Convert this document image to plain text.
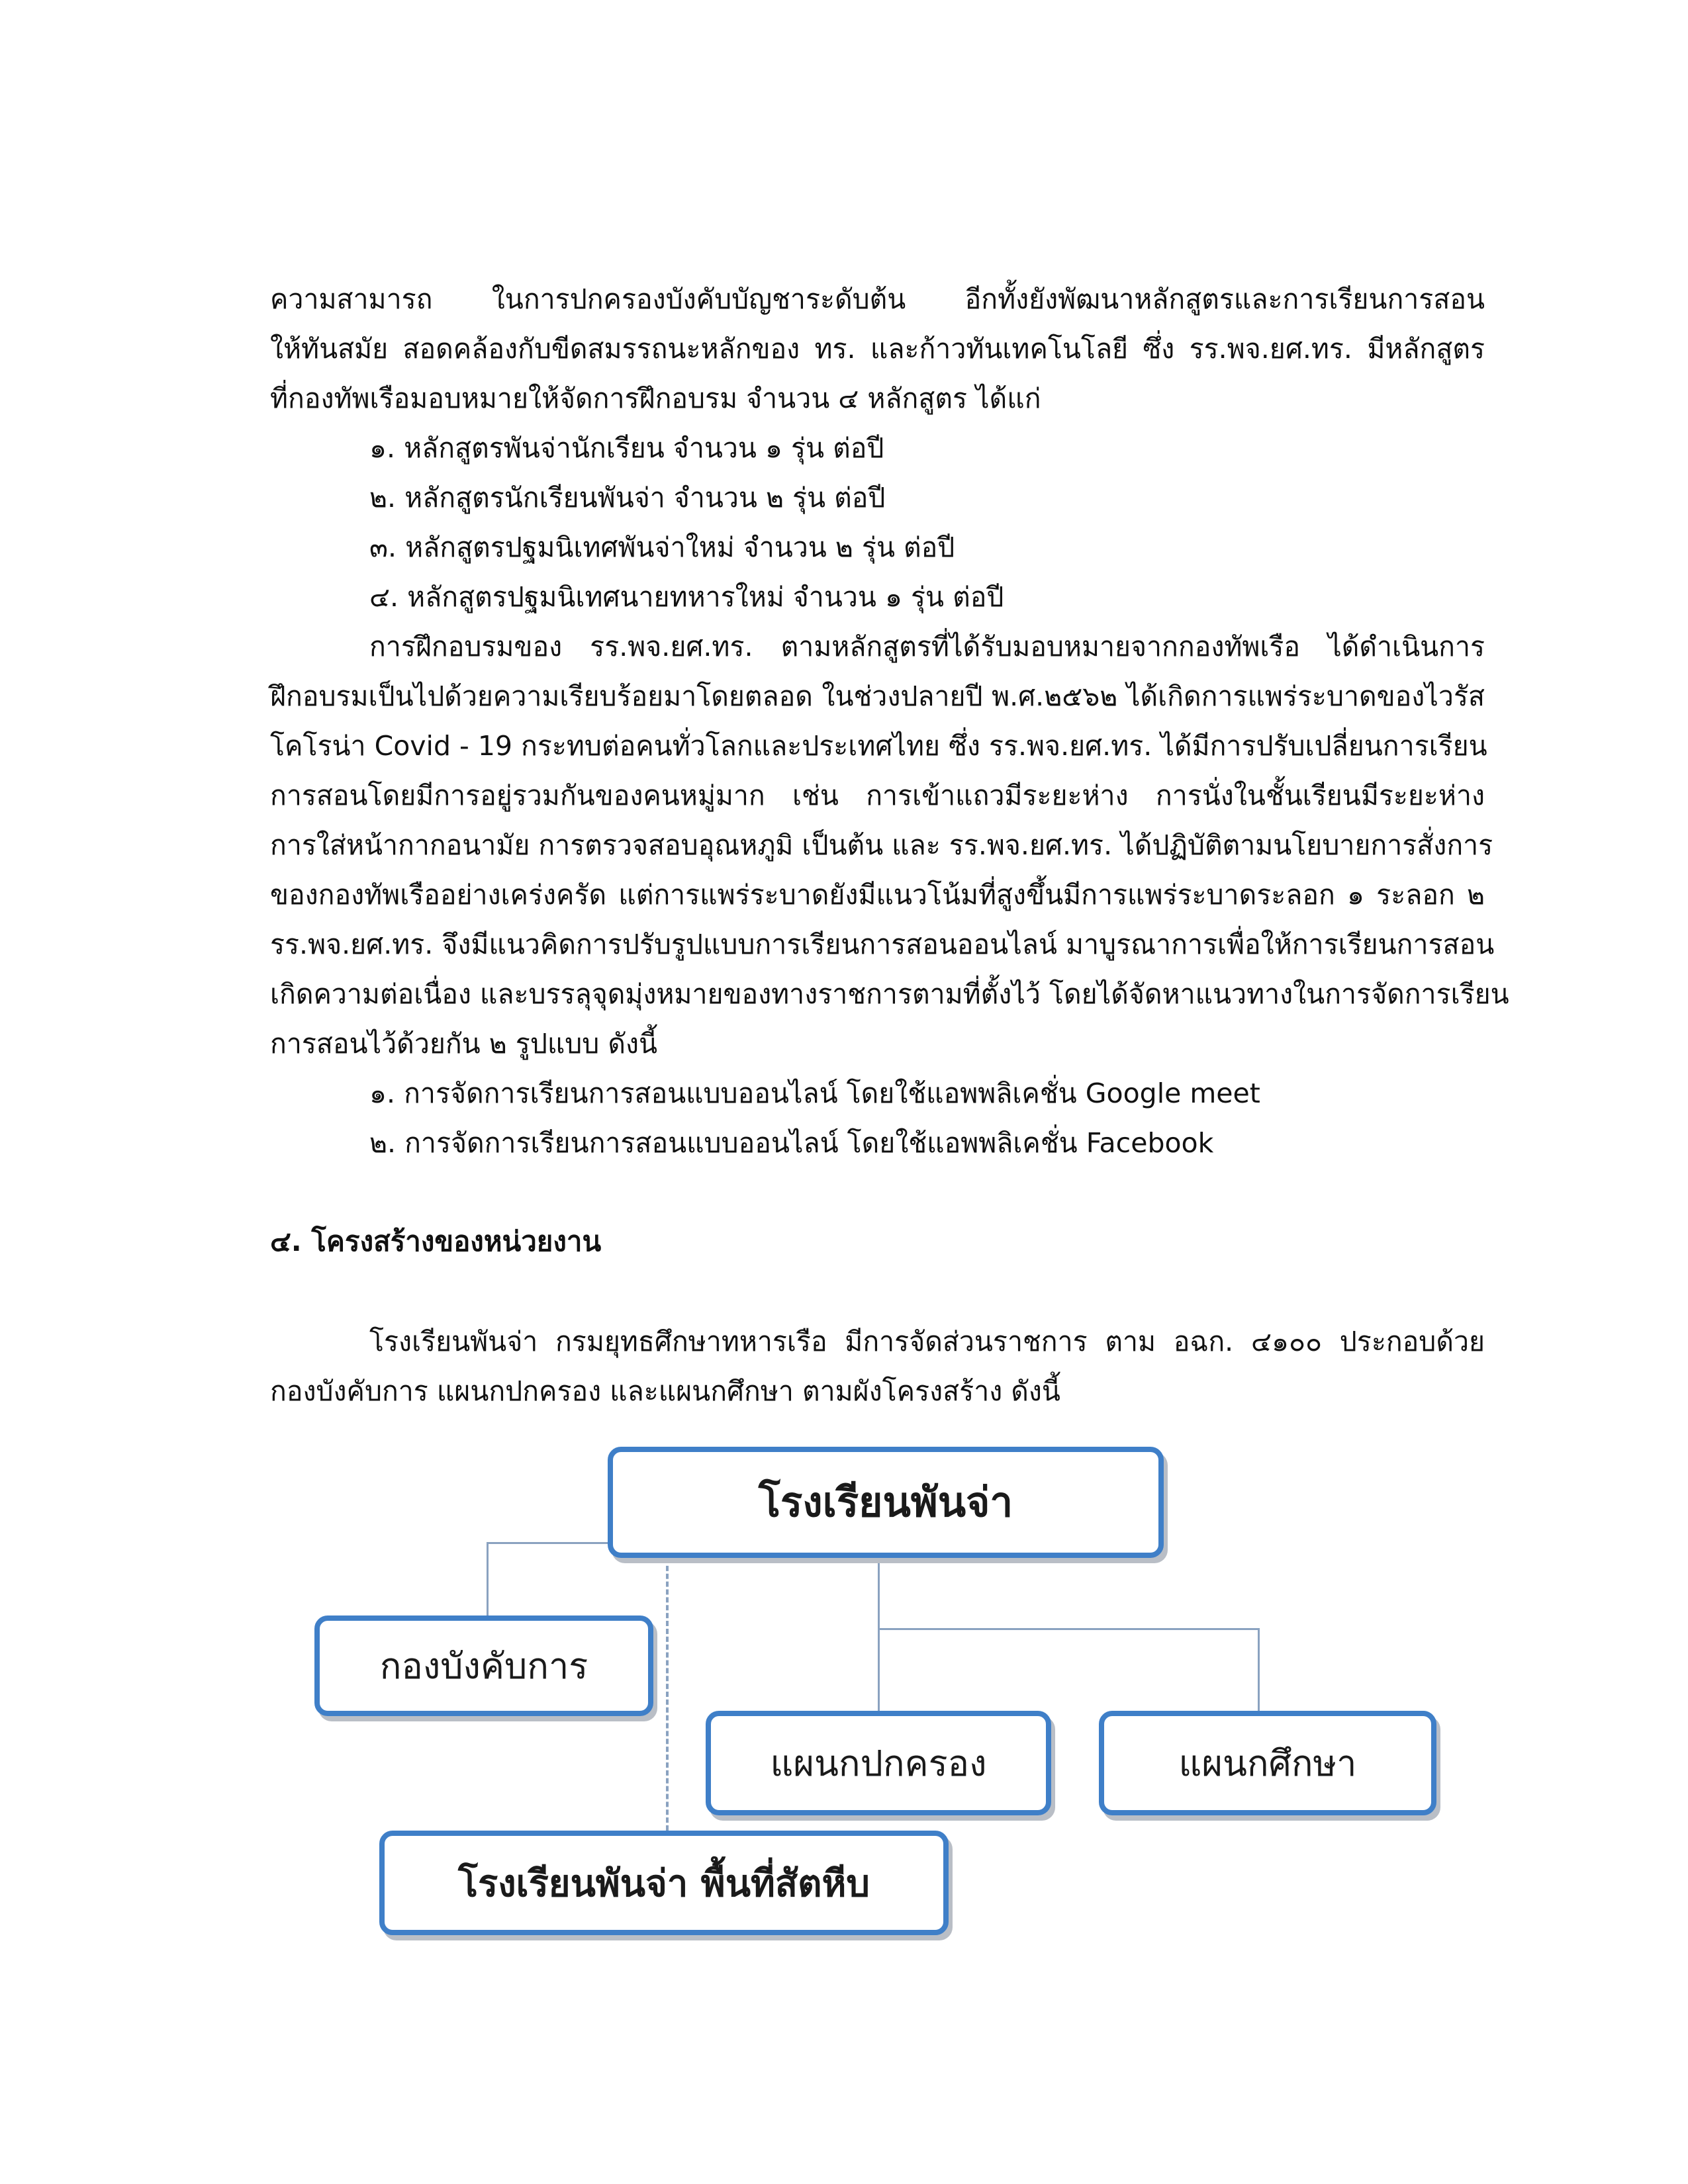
ความสามารถ ในการปกครองบังคับบัญชาระดับต้น อีกทั้งยังพัฒนาหลักสูตรและการเรียนการสอน
ให้ทันสมัย สอดคล้องกับขีดสมรรถนะหลักของ ทร. และก้าวทันเทคโนโลยี ซึ่ง รร.พจ.ยศ.ทร. มีหลักสูตร
ที่กองทัพเรือมอบหมายให้จัดการฝึกอบรม จำนวน ๔ หลักสูตร ได้แก่
๑. หลักสูตรพันจ่านักเรียน จำนวน ๑ รุ่น ต่อปี
๒. หลักสูตรนักเรียนพันจ่า จำนวน ๒ รุ่น ต่อปี
๓. หลักสูตรปฐมนิเทศพันจ่าใหม่ จำนวน ๒ รุ่น ต่อปี
๔. หลักสูตรปฐมนิเทศนายทหารใหม่ จำนวน ๑ รุ่น ต่อปี
การฝึกอบรมของ รร.พจ.ยศ.ทร. ตามหลักสูตรที่ได้รับมอบหมายจากกองทัพเรือ ได้ดำเนินการ
ฝึกอบรมเป็นไปด้วยความเรียบร้อยมาโดยตลอด ในช่วงปลายปี พ.ศ.๒๕๖๒ ได้เกิดการแพร่ระบาดของไวรัส
โคโรน่า Covid - 19 กระทบต่อคนทั่วโลกและประเทศไทย ซึ่ง รร.พจ.ยศ.ทร. ได้มีการปรับเปลี่ยนการเรียน
การสอนโดยมีการอยู่รวมกันของคนหมู่มาก เช่น การเข้าแถวมีระยะห่าง การนั่งในชั้นเรียนมีระยะห่าง
การใส่หน้ากากอนามัย การตรวจสอบอุณหภูมิ เป็นต้น และ รร.พจ.ยศ.ทร. ได้ปฏิบัติตามนโยบายการสั่งการ
ของกองทัพเรืออย่างเคร่งครัด แต่การแพร่ระบาดยังมีแนวโน้มที่สูงขึ้นมีการแพร่ระบาดระลอก ๑ ระลอก ๒
รร.พจ.ยศ.ทร. จึงมีแนวคิดการปรับรูปแบบการเรียนการสอนออนไลน์ มาบูรณาการเพื่อให้การเรียนการสอน
เกิดความต่อเนื่อง และบรรลุจุดมุ่งหมายของทางราชการตามที่ตั้งไว้ โดยได้จัดหาแนวทางในการจัดการเรียน
การสอนไว้ด้วยกัน ๒ รูปแบบ ดังนี้
๑. การจัดการเรียนการสอนแบบออนไลน์ โดยใช้แอพพลิเคชั่น Google meet
๒. การจัดการเรียนการสอนแบบออนไลน์ โดยใช้แอพพลิเคชั่น Facebook
๔. โครงสร้างของหน่วยงาน
โรงเรียนพันจ่า กรมยุทธศึกษาทหารเรือ มีการจัดส่วนราชการ ตาม อฉก. ๔๑๐๐ ประกอบด้วย
กองบังคับการ แผนกปกครอง และแผนกศึกษา ตามผังโครงสร้าง ดังนี้
โรงเรียนพันจ่า
กองบังคับการ
แผนกปกครอง	แผนกศึกษา
โรงเรียนพันจ่า พื้นที่สัตหีบ
